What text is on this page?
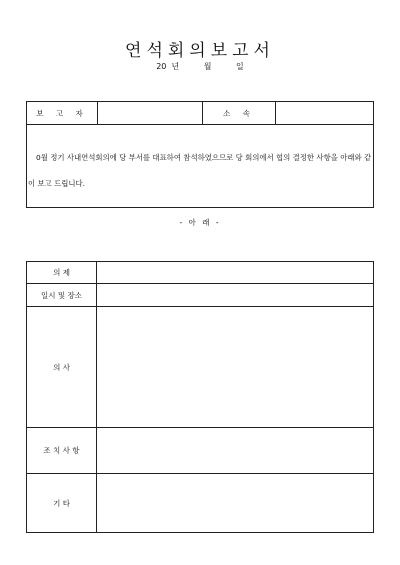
연석회의보고서
20 년	월	일
보 고 자		소 속	
0월 정기 사내연석회의에 당 부서를 대표하여 참석하였으므로 당 회의에서 협의 결정한 사항을 아래와 같이 보고 드립니다.
- 아 래 -
의 제	
일시 및 장소	
의 사	
조 치 사 항	
기 타	
